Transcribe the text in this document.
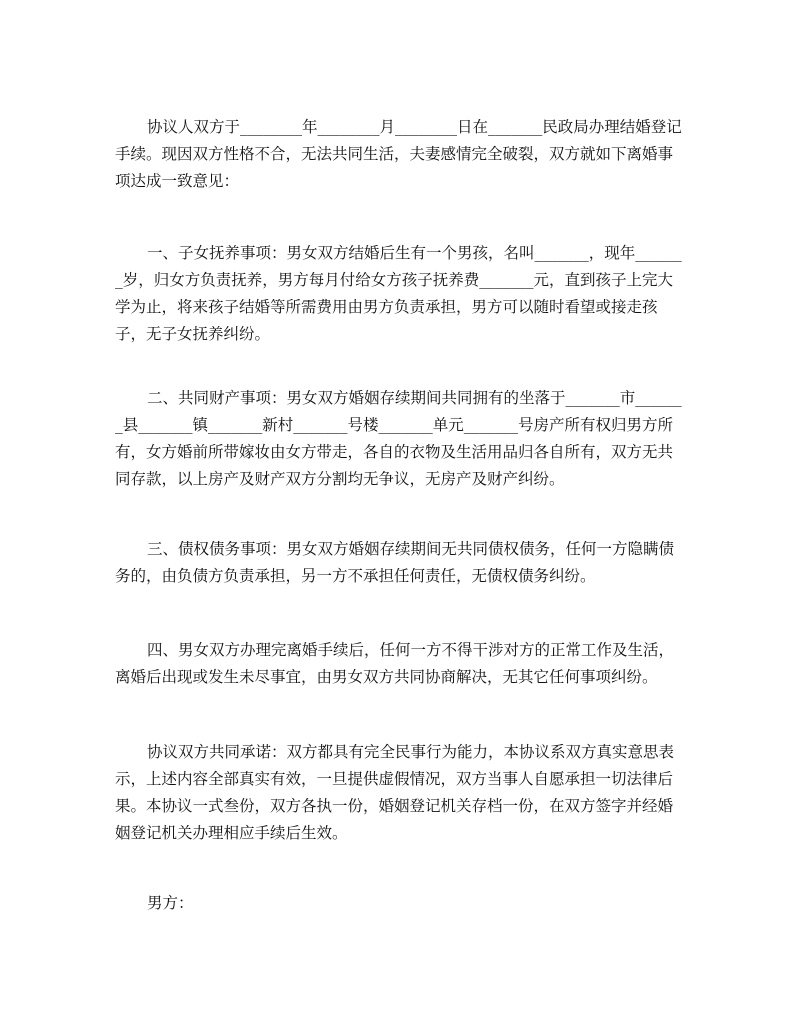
协议人双方于________年________月________日在_______民政局办理结婚登记手续。现因双方性格不合，无法共同生活，夫妻感情完全破裂，双方就如下离婚事项达成一致意见：

一、子女抚养事项：男女双方结婚后生有一个男孩，名叫_______，现年_______岁，归女方负责抚养，男方每月付给女方孩子抚养费_______元，直到孩子上完大学为止，将来孩子结婚等所需费用由男方负责承担，男方可以随时看望或接走孩子，无子女抚养纠纷。

二、共同财产事项：男女双方婚姻存续期间共同拥有的坐落于_______市_______县_______镇_______新村_______号楼_______单元_______号房产所有权归男方所有，女方婚前所带嫁妆由女方带走，各自的衣物及生活用品归各自所有，双方无共同存款，以上房产及财产双方分割均无争议，无房产及财产纠纷。

三、债权债务事项：男女双方婚姻存续期间无共同债权债务，任何一方隐瞒债务的，由负债方负责承担，另一方不承担任何责任，无债权债务纠纷。

四、男女双方办理完离婚手续后，任何一方不得干涉对方的正常工作及生活，离婚后出现或发生未尽事宜，由男女双方共同协商解决，无其它任何事项纠纷。

协议双方共同承诺：双方都具有完全民事行为能力，本协议系双方真实意思表示，上述内容全部真实有效，一旦提供虚假情况，双方当事人自愿承担一切法律后果。本协议一式叁份，双方各执一份，婚姻登记机关存档一份，在双方签字并经婚姻登记机关办理相应手续后生效。

男方：
